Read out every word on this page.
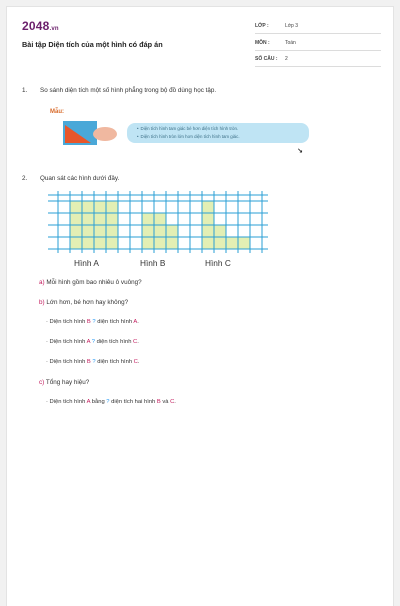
2048.vn
Bài tập Diện tích của một hình có đáp án
LỚP :	Lớp 3
MÔN :	Toán
SỐ CÂU : 2
1. So sánh diện tích một số hình phẳng trong bộ đồ dùng học tập.
Mẫu:
• Diện tích hình tam giác bé hơn diện tích hình tròn.
• Diện tích hình tròn lớn hơn diện tích hình tam giác.
↘
2. Quan sát các hình dưới đây.
Hình A	Hình B	Hình C
a) Mỗi hình gồm bao nhiêu ô vuông?
b) Lớn hơn, bé hơn hay không?
· Diện tích hình B ? diện tích hình A.
· Diện tích hình A ? diện tích hình C.
· Diện tích hình B ? diện tích hình C.
c) Tổng hay hiệu?
· Diện tích hình A bằng ? diện tích hai hình B và C.
